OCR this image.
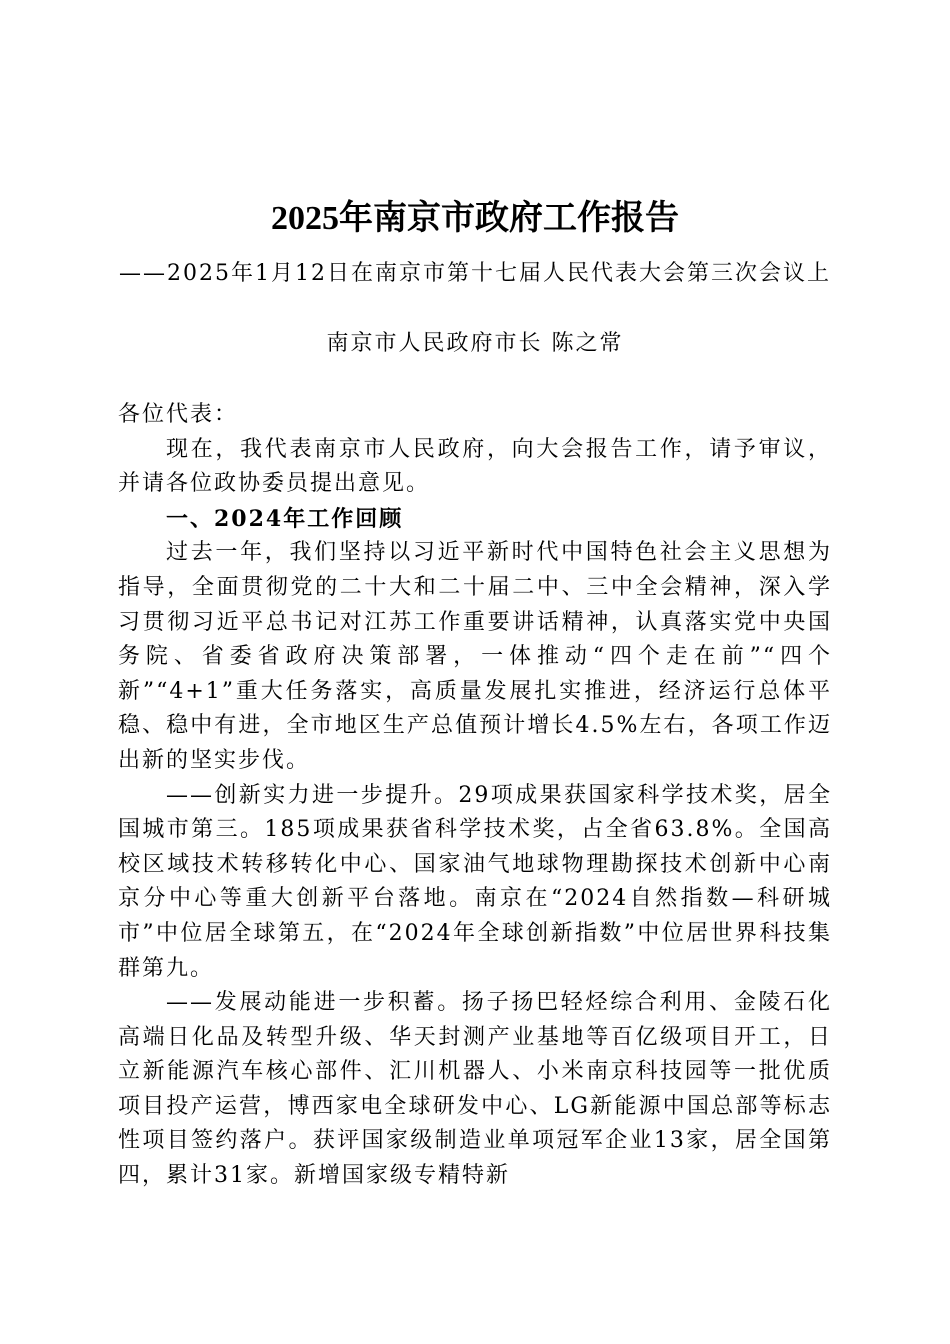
2025年南京市政府工作报告

——2025年1月12日在南京市第十七届人民代表大会第三次会议上

南京市人民政府市长 陈之常

各位代表：

现在，我代表南京市人民政府，向大会报告工作，请予审议，并请各位政协委员提出意见。

一、2024年工作回顾

过去一年，我们坚持以习近平新时代中国特色社会主义思想为指导，全面贯彻党的二十大和二十届二中、三中全会精神，深入学习贯彻习近平总书记对江苏工作重要讲话精神，认真落实党中央国务院、省委省政府决策部署，一体推动“四个走在前”“四个新”“4+1”重大任务落实，高质量发展扎实推进，经济运行总体平稳、稳中有进，全市地区生产总值预计增长4.5%左右，各项工作迈出新的坚实步伐。

——创新实力进一步提升。29项成果获国家科学技术奖，居全国城市第三。185项成果获省科学技术奖，占全省63.8%。全国高校区域技术转移转化中心、国家油气地球物理勘探技术创新中心南京分中心等重大创新平台落地。南京在“2024自然指数—科研城市”中位居全球第五，在“2024年全球创新指数”中位居世界科技集群第九。

——发展动能进一步积蓄。扬子扬巴轻烃综合利用、金陵石化高端日化品及转型升级、华天封测产业基地等百亿级项目开工，日立新能源汽车核心部件、汇川机器人、小米南京科技园等一批优质项目投产运营，博西家电全球研发中心、LG新能源中国总部等标志性项目签约落户。获评国家级制造业单项冠军企业13家，居全国第四，累计31家。新增国家级专精特新
